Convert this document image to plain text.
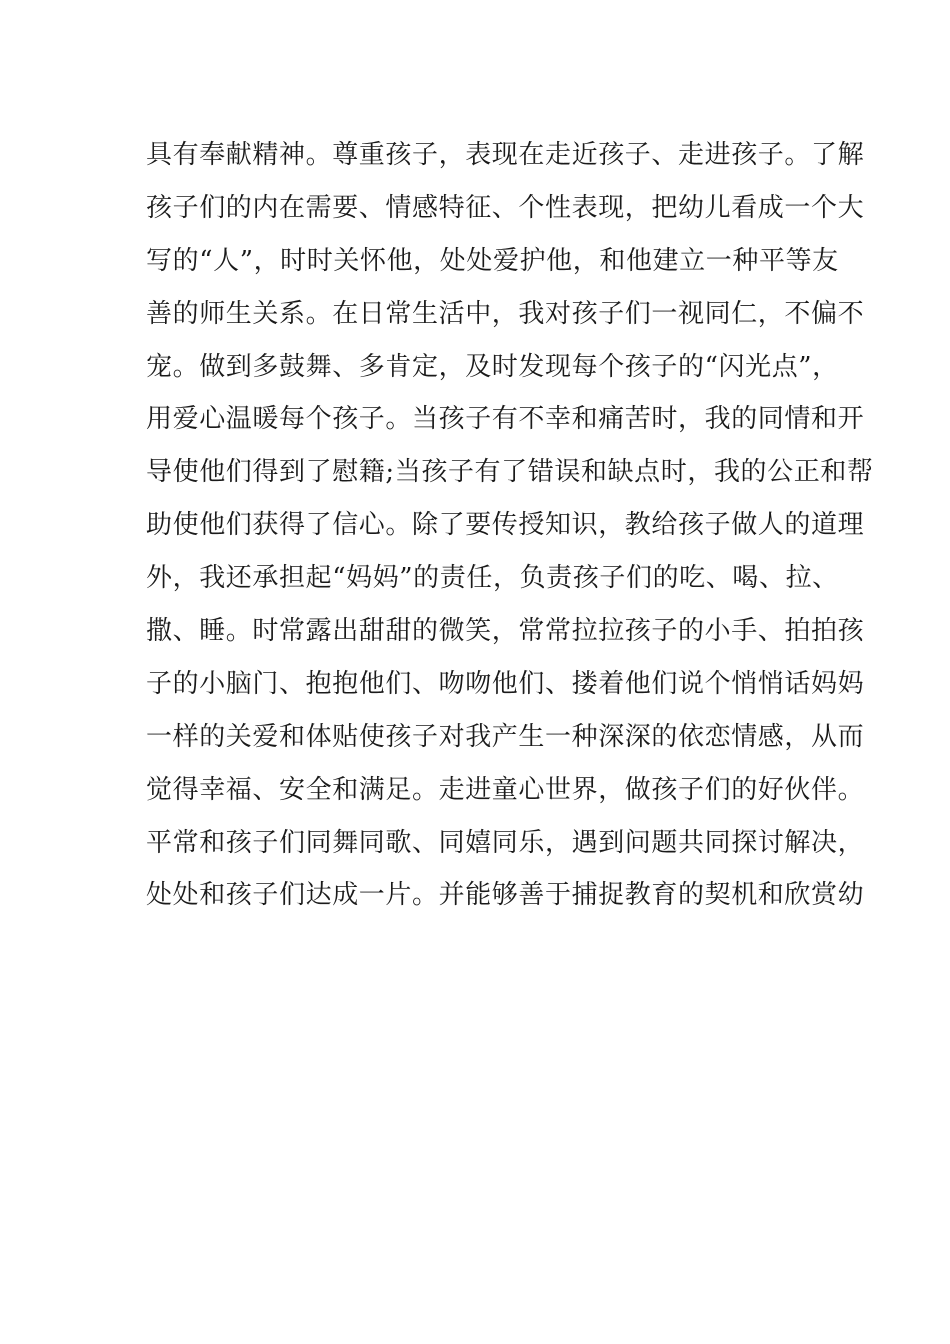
具有奉献精神。尊重孩子，表现在走近孩子、走进孩子。了解
孩子们的内在需要、情感特征、个性表现，把幼儿看成一个大
写的“人”，时时关怀他，处处爱护他，和他建立一种平等友
善的师生关系。在日常生活中，我对孩子们一视同仁，不偏不
宠。做到多鼓舞、多肯定，及时发现每个孩子的“闪光点”，
用爱心温暖每个孩子。当孩子有不幸和痛苦时，我的同情和开
导使他们得到了慰籍;当孩子有了错误和缺点时，我的公正和帮
助使他们获得了信心。除了要传授知识，教给孩子做人的道理
外，我还承担起“妈妈”的责任，负责孩子们的吃、喝、拉、
撒、睡。时常露出甜甜的微笑，常常拉拉孩子的小手、拍拍孩
子的小脑门、抱抱他们、吻吻他们、搂着他们说个悄悄话妈妈
一样的关爱和体贴使孩子对我产生一种深深的依恋情感，从而
觉得幸福、安全和满足。走进童心世界，做孩子们的好伙伴。
平常和孩子们同舞同歌、同嬉同乐，遇到问题共同探讨解决，
处处和孩子们达成一片。并能够善于捕捉教育的契机和欣赏幼
